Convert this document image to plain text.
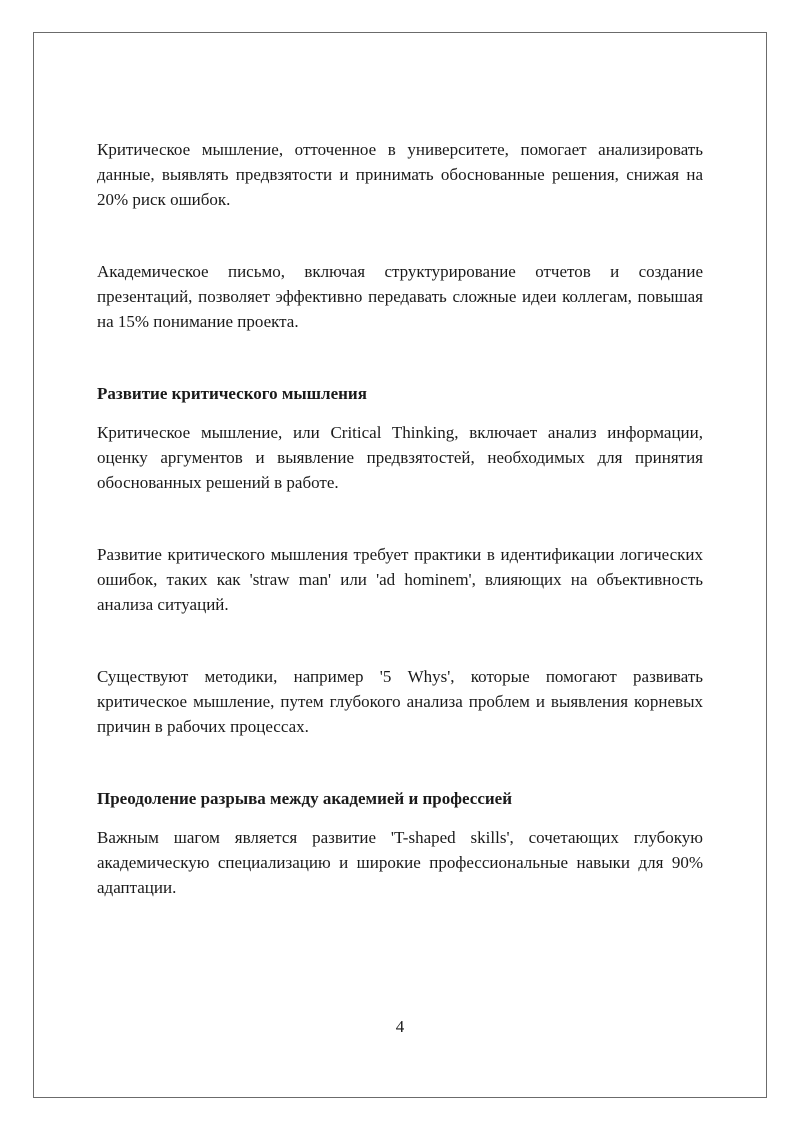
Критическое мышление, отточенное в университете, помогает анализировать данные, выявлять предвзятости и принимать обоснованные решения, снижая на 20% риск ошибок.

Академическое письмо, включая структурирование отчетов и создание презентаций, позволяет эффективно передавать сложные идеи коллегам, повышая на 15% понимание проекта.

Развитие критического мышления

Критическое мышление, или Critical Thinking, включает анализ информации, оценку аргументов и выявление предвзятостей, необходимых для принятия обоснованных решений в работе.

Развитие критического мышления требует практики в идентификации логических ошибок, таких как 'straw man' или 'ad hominem', влияющих на объективность анализа ситуаций.

Существуют методики, например '5 Whys', которые помогают развивать критическое мышление, путем глубокого анализа проблем и выявления корневых причин в рабочих процессах.

Преодоление разрыва между академией и профессией

Важным шагом является развитие 'T-shaped skills', сочетающих глубокую академическую специализацию и широкие профессиональные навыки для 90% адаптации.

4
